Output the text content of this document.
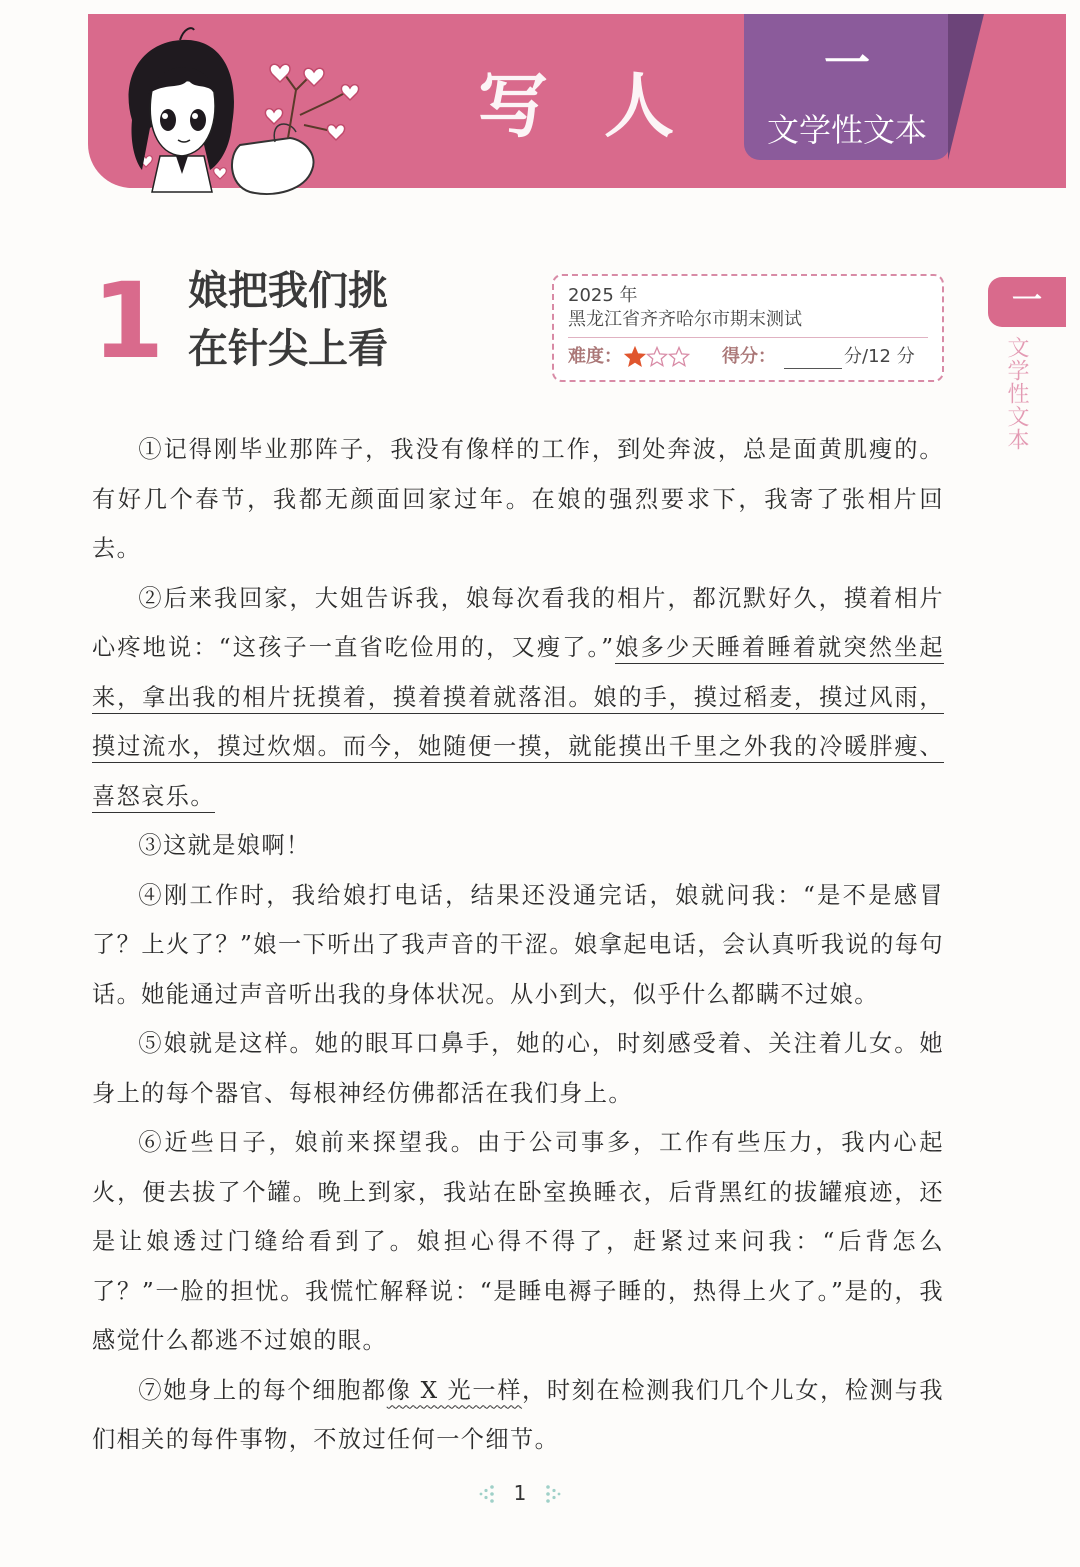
写人
一
文学性文本
一
文学性文本
1 娘把我们挑
在针尖上看
2025 年
黑龙江省齐齐哈尔市期末测试
难度：	得分：	分/12 分

①记得刚毕业那阵子，我没有像样的工作，到处奔波，总是面黄肌瘦的。有好几个春节，我都无颜面回家过年。在娘的强烈要求下，我寄了张相片回去。

②后来我回家，大姐告诉我，娘每次看我的相片，都沉默好久，摸着相片心疼地说：“这孩子一直省吃俭用的，又瘦了。”娘多少天睡着睡着就突然坐起来，拿出我的相片抚摸着，摸着摸着就落泪。娘的手，摸过稻麦，摸过风雨，摸过流水，摸过炊烟。而今，她随便一摸，就能摸出千里之外我的冷暖胖瘦、喜怒哀乐。

③这就是娘啊！

④刚工作时，我给娘打电话，结果还没通完话，娘就问我：“是不是感冒了？上火了？”娘一下听出了我声音的干涩。娘拿起电话，会认真听我说的每句话。她能通过声音听出我的身体状况。从小到大，似乎什么都瞒不过娘。

⑤娘就是这样。她的眼耳口鼻手，她的心，时刻感受着、关注着儿女。她身上的每个器官、每根神经仿佛都活在我们身上。

⑥近些日子，娘前来探望我。由于公司事多，工作有些压力，我内心起火，便去拔了个罐。晚上到家，我站在卧室换睡衣，后背黑红的拔罐痕迹，还是让娘透过门缝给看到了。娘担心得不得了，赶紧过来问我：“后背怎么了？”一脸的担忧。我慌忙解释说：“是睡电褥子睡的，热得上火了。”是的，我感觉什么都逃不过娘的眼。

⑦她身上的每个细胞都像 X 光一样，时刻在检测我们几个儿女，检测与我们相关的每件事物，不放过任何一个细节。

1
